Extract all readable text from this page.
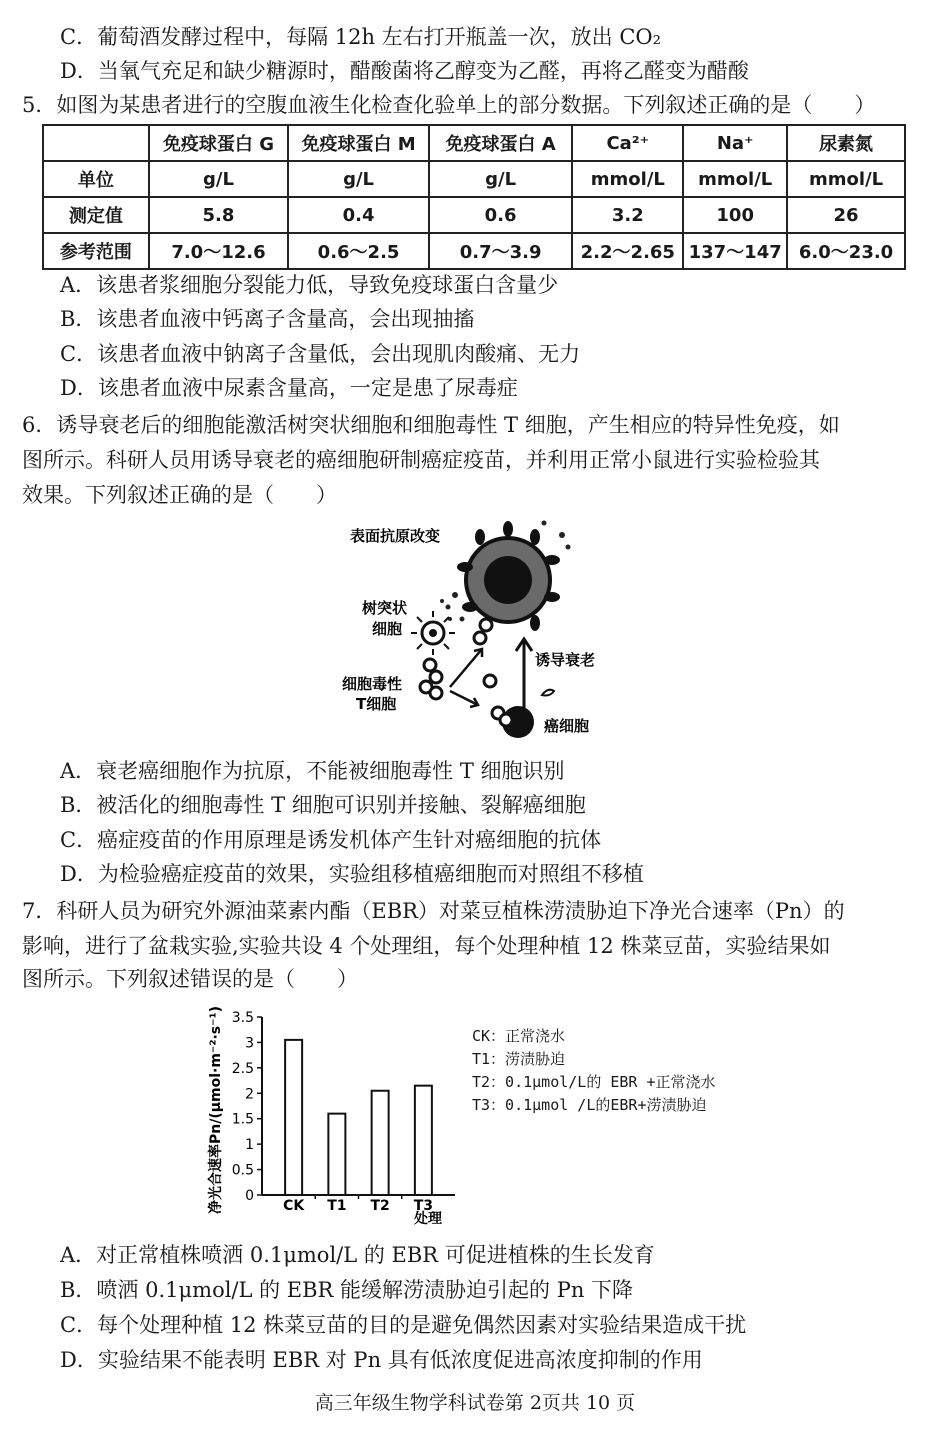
C．葡萄酒发酵过程中，每隔 12h 左右打开瓶盖一次，放出 CO₂
D．当氧气充足和缺少糖源时，醋酸菌将乙醇变为乙醛，再将乙醛变为醋酸
5．如图为某患者进行的空腹血液生化检查化验单上的部分数据。下列叙述正确的是（　　）
	免疫球蛋白 G	免疫球蛋白 M	免疫球蛋白 A	Ca²⁺	Na⁺	尿素氮
单位	g/L	g/L	g/L	mmol/L	mmol/L	mmol/L
测定值	5.8	0.4	0.6	3.2	100	26
参考范围	7.0～12.6	0.6～2.5	0.7～3.9	2.2～2.65	137～147	6.0～23.0
A．该患者浆细胞分裂能力低，导致免疫球蛋白含量少
B．该患者血液中钙离子含量高，会出现抽搐
C．该患者血液中钠离子含量低，会出现肌肉酸痛、无力
D．该患者血液中尿素含量高，一定是患了尿毒症
6．诱导衰老后的细胞能激活树突状细胞和细胞毒性 T 细胞，产生相应的特异性免疫，如
图所示。科研人员用诱导衰老的癌细胞研制癌症疫苗，并利用正常小鼠进行实验检验其
效果。下列叙述正确的是（　　）
表面抗原改变
树突状
细胞
细胞毒性
T细胞
诱导衰老
癌细胞
A．衰老癌细胞作为抗原，不能被细胞毒性 T 细胞识别
B．被活化的细胞毒性 T 细胞可识别并接触、裂解癌细胞
C．癌症疫苗的作用原理是诱发机体产生针对癌细胞的抗体
D．为检验癌症疫苗的效果，实验组移植癌细胞而对照组不移植
7．科研人员为研究外源油菜素内酯（EBR）对菜豆植株涝渍胁迫下净光合速率（Pn）的
影响，进行了盆栽实验,实验共设 4 个处理组，每个处理种植 12 株菜豆苗，实验结果如
图所示。下列叙述错误的是（　　）
净光合速率Pn/(μmol·m⁻²·s⁻¹) 0
0.5
1
1.5
2
2.5
3
3.5
CK T1 T2 T3
处理
CK：正常浇水
T1：涝渍胁迫
T2：0.1μmol/L的 EBR +正常浇水
T3：0.1μmol /L的EBR+涝渍胁迫
A．对正常植株喷洒 0.1μmol/L 的 EBR 可促进植株的生长发育
B．喷洒 0.1μmol/L 的 EBR 能缓解涝渍胁迫引起的 Pn 下降
C．每个处理种植 12 株菜豆苗的目的是避免偶然因素对实验结果造成干扰
D．实验结果不能表明 EBR 对 Pn 具有低浓度促进高浓度抑制的作用
高三年级生物学科试卷第 2页共 10 页
